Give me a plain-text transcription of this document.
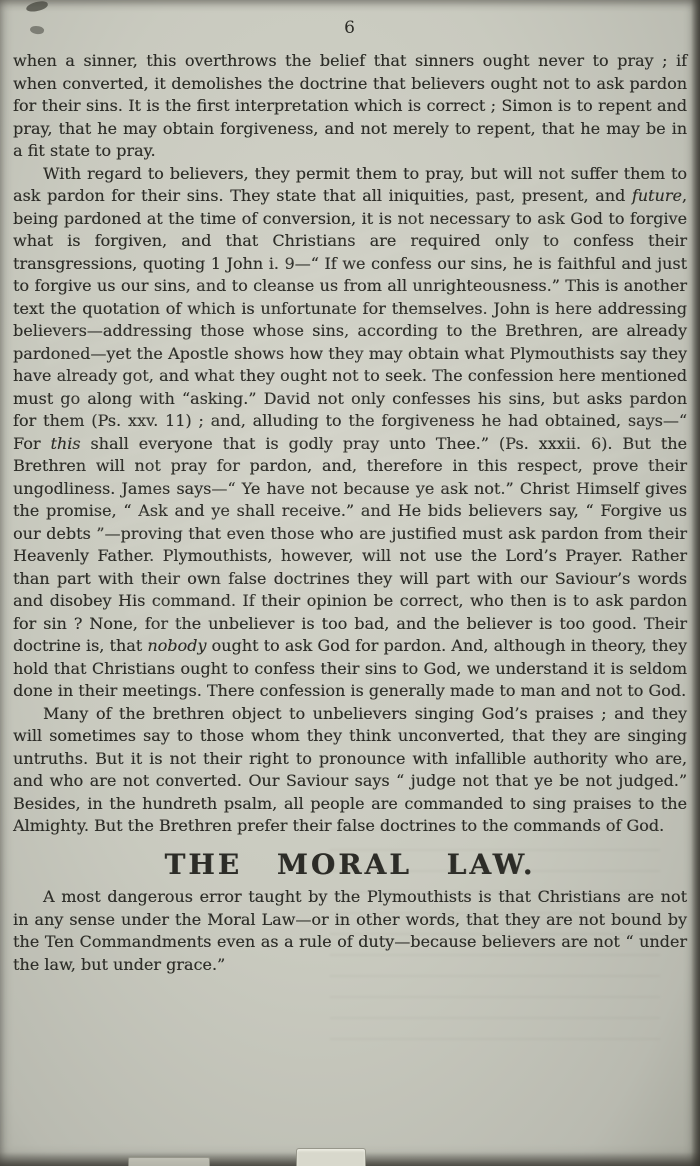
6

when a sinner, this overthrows the belief that sinners ought never to pray ; if when converted, it demolishes the doctrine that believers ought not to ask pardon for their sins. It is the first interpretation which is correct ; Simon is to repent and pray, that he may obtain forgiveness, and not merely to repent, that he may be in a fit state to pray.

With regard to believers, they permit them to pray, but will not suffer them to ask pardon for their sins. They state that all iniquities, past, present, and future, being pardoned at the time of conversion, it is not necessary to ask God to forgive what is forgiven, and that Christians are required only to confess their transgressions, quoting 1 John i. 9—“ If we confess our sins, he is faithful and just to forgive us our sins, and to cleanse us from all unrighteousness.” This is another text the quotation of which is unfortunate for themselves. John is here addressing believers—addressing those whose sins, according to the Brethren, are already pardoned—yet the Apostle shows how they may obtain what Plymouthists say they have already got, and what they ought not to seek. The confession here mentioned must go along with “asking.” David not only confesses his sins, but asks pardon for them (Ps. xxv. 11) ; and, alluding to the forgiveness he had obtained, says—“ For this shall everyone that is godly pray unto Thee.” (Ps. xxxii. 6). But the Brethren will not pray for pardon, and, therefore in this respect, prove their ungodliness. James says—“ Ye have not because ye ask not.” Christ Himself gives the promise, “ Ask and ye shall receive.” and He bids believers say, “ Forgive us our debts ”—proving that even those who are justified must ask pardon from their Heavenly Father. Plymouthists, however, will not use the Lord’s Prayer. Rather than part with their own false doctrines they will part with our Saviour’s words and disobey His command. If their opinion be correct, who then is to ask pardon for sin ? None, for the unbeliever is too bad, and the believer is too good. Their doctrine is, that nobody ought to ask God for pardon. And, although in theory, they hold that Christians ought to confess their sins to God, we understand it is seldom done in their meetings. There confession is generally made to man and not to God.

Many of the brethren object to unbelievers singing God’s praises ; and they will sometimes say to those whom they think unconverted, that they are singing untruths. But it is not their right to pronounce with infallible authority who are, and who are not converted. Our Saviour says “ judge not that ye be not judged.” Besides, in the hundreth psalm, all people are commanded to sing praises to the Almighty. But the Brethren prefer their false doctrines to the commands of God.

THE MORAL LAW.

A most dangerous error taught by the Plymouthists is that Christians are not in any sense under the Moral Law—or in other words, that they are not bound by the Ten Commandments even as a rule of duty—because believers are not “ under the law, but under grace.”
